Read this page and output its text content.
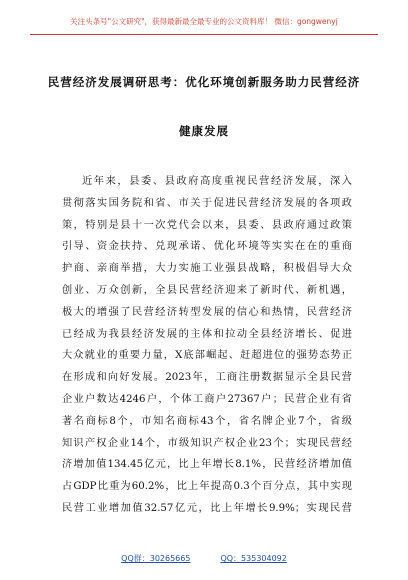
关注头条号"公文研究"，获得最新最全最专业的公文资料库！ 微信：gongwenyj
民营经济发展调研思考：优化环境创新服务助力民营经济
健康发展
近年来，县委、县政府高度重视民营经济发展，深入
贯彻落实国务院和省、市关于促进民营经济发展的各项政
策，特别是县十一次党代会以来，县委、县政府通过政策
引导、资金扶持、兑现承诺、优化环境等实实在在的重商
护商、亲商举措，大力实施工业强县战略，积极倡导大众
创业、万众创新，全县民营经济迎来了新时代、新机遇，
极大的增强了民营经济转型发展的信心和热情，民营经济
已经成为我县经济发展的主体和拉动全县经济增长、促进
大众就业的重要力量，X底部崛起、赶超进位的强势态势正
在形成和向好发展。2023年，工商注册数据显示全县民营
企业户数达4246户，个体工商户27367户；民营企业有省
著名商标8个，市知名商标43个，省名牌企业7个，省级
知识产权企业14个，市级知识产权企业23个；实现民营经
济增加值134.45亿元，比上年增长8.1%，民营经济增加值
占GDP比重为60.2%，比上年提高0.3个百分点，其中实现
民营工业增加值32.57亿元，比上年增长9.9%；实现民营
QQ群：30265665	QQ：535304092
